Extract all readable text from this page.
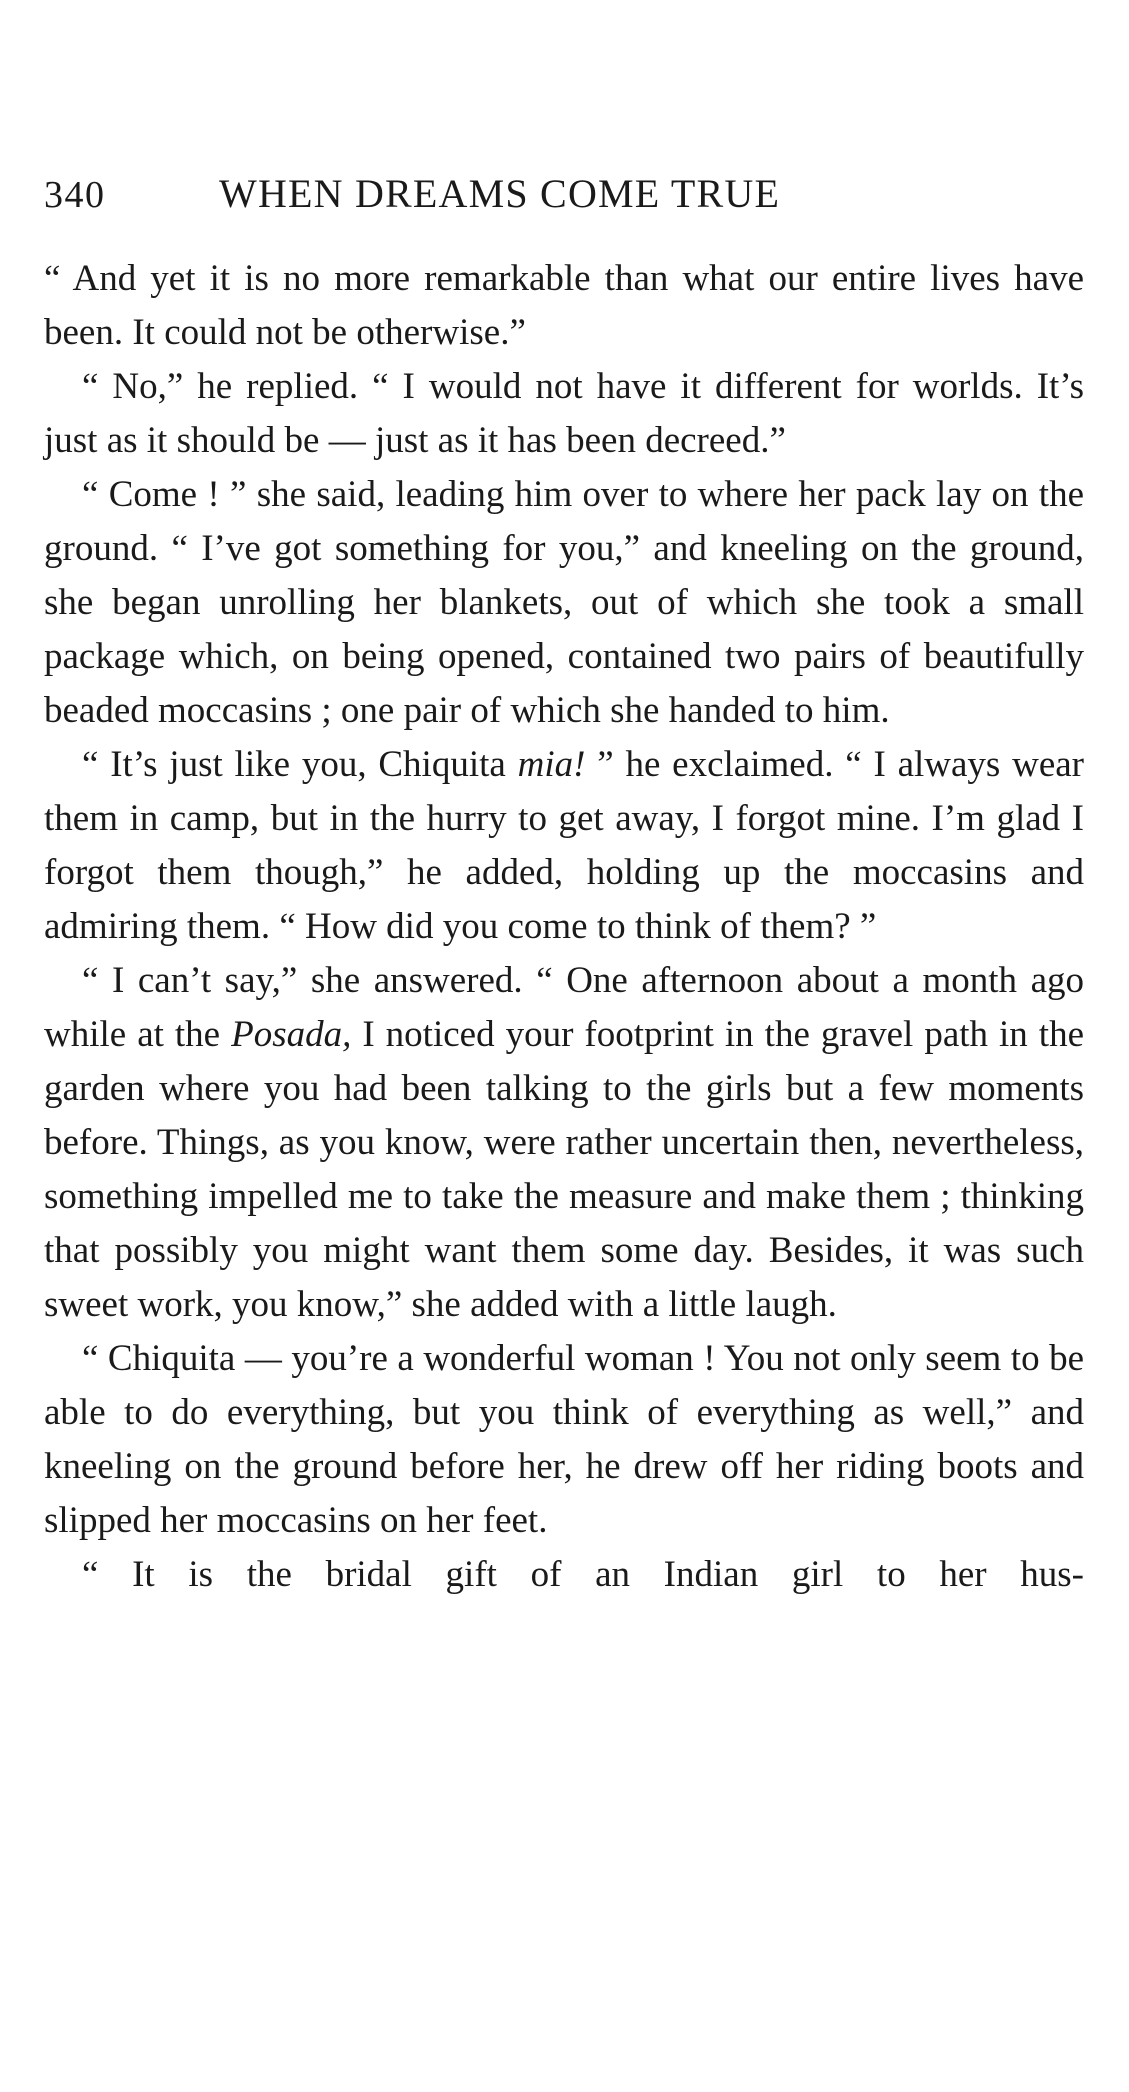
340	WHEN DREAMS COME TRUE

“ And yet it is no more remarkable than what our entire lives have been. It could not be otherwise.”

“ No,” he replied. “ I would not have it different for worlds. It’s just as it should be — just as it has been decreed.”

“ Come ! ” she said, leading him over to where her pack lay on the ground. “ I’ve got something for you,” and kneeling on the ground, she began unrolling her blankets, out of which she took a small package which, on being opened, contained two pairs of beautifully beaded moccasins ; one pair of which she handed to him.

“ It’s just like you, Chiquita mia! ” he exclaimed. “ I always wear them in camp, but in the hurry to get away, I forgot mine. I’m glad I forgot them though,” he added, holding up the moccasins and admiring them. “ How did you come to think of them? ”

“ I can’t say,” she answered. “ One afternoon about a month ago while at the Posada, I noticed your footprint in the gravel path in the garden where you had been talking to the girls but a few moments before. Things, as you know, were rather uncertain then, nevertheless, something impelled me to take the measure and make them ; thinking that possibly you might want them some day. Besides, it was such sweet work, you know,” she added with a little laugh.

“ Chiquita — you’re a wonderful woman ! You not only seem to be able to do everything, but you think of everything as well,” and kneeling on the ground before her, he drew off her riding boots and slipped her moccasins on her feet.

“ It is the bridal gift of an Indian girl to her hus-
